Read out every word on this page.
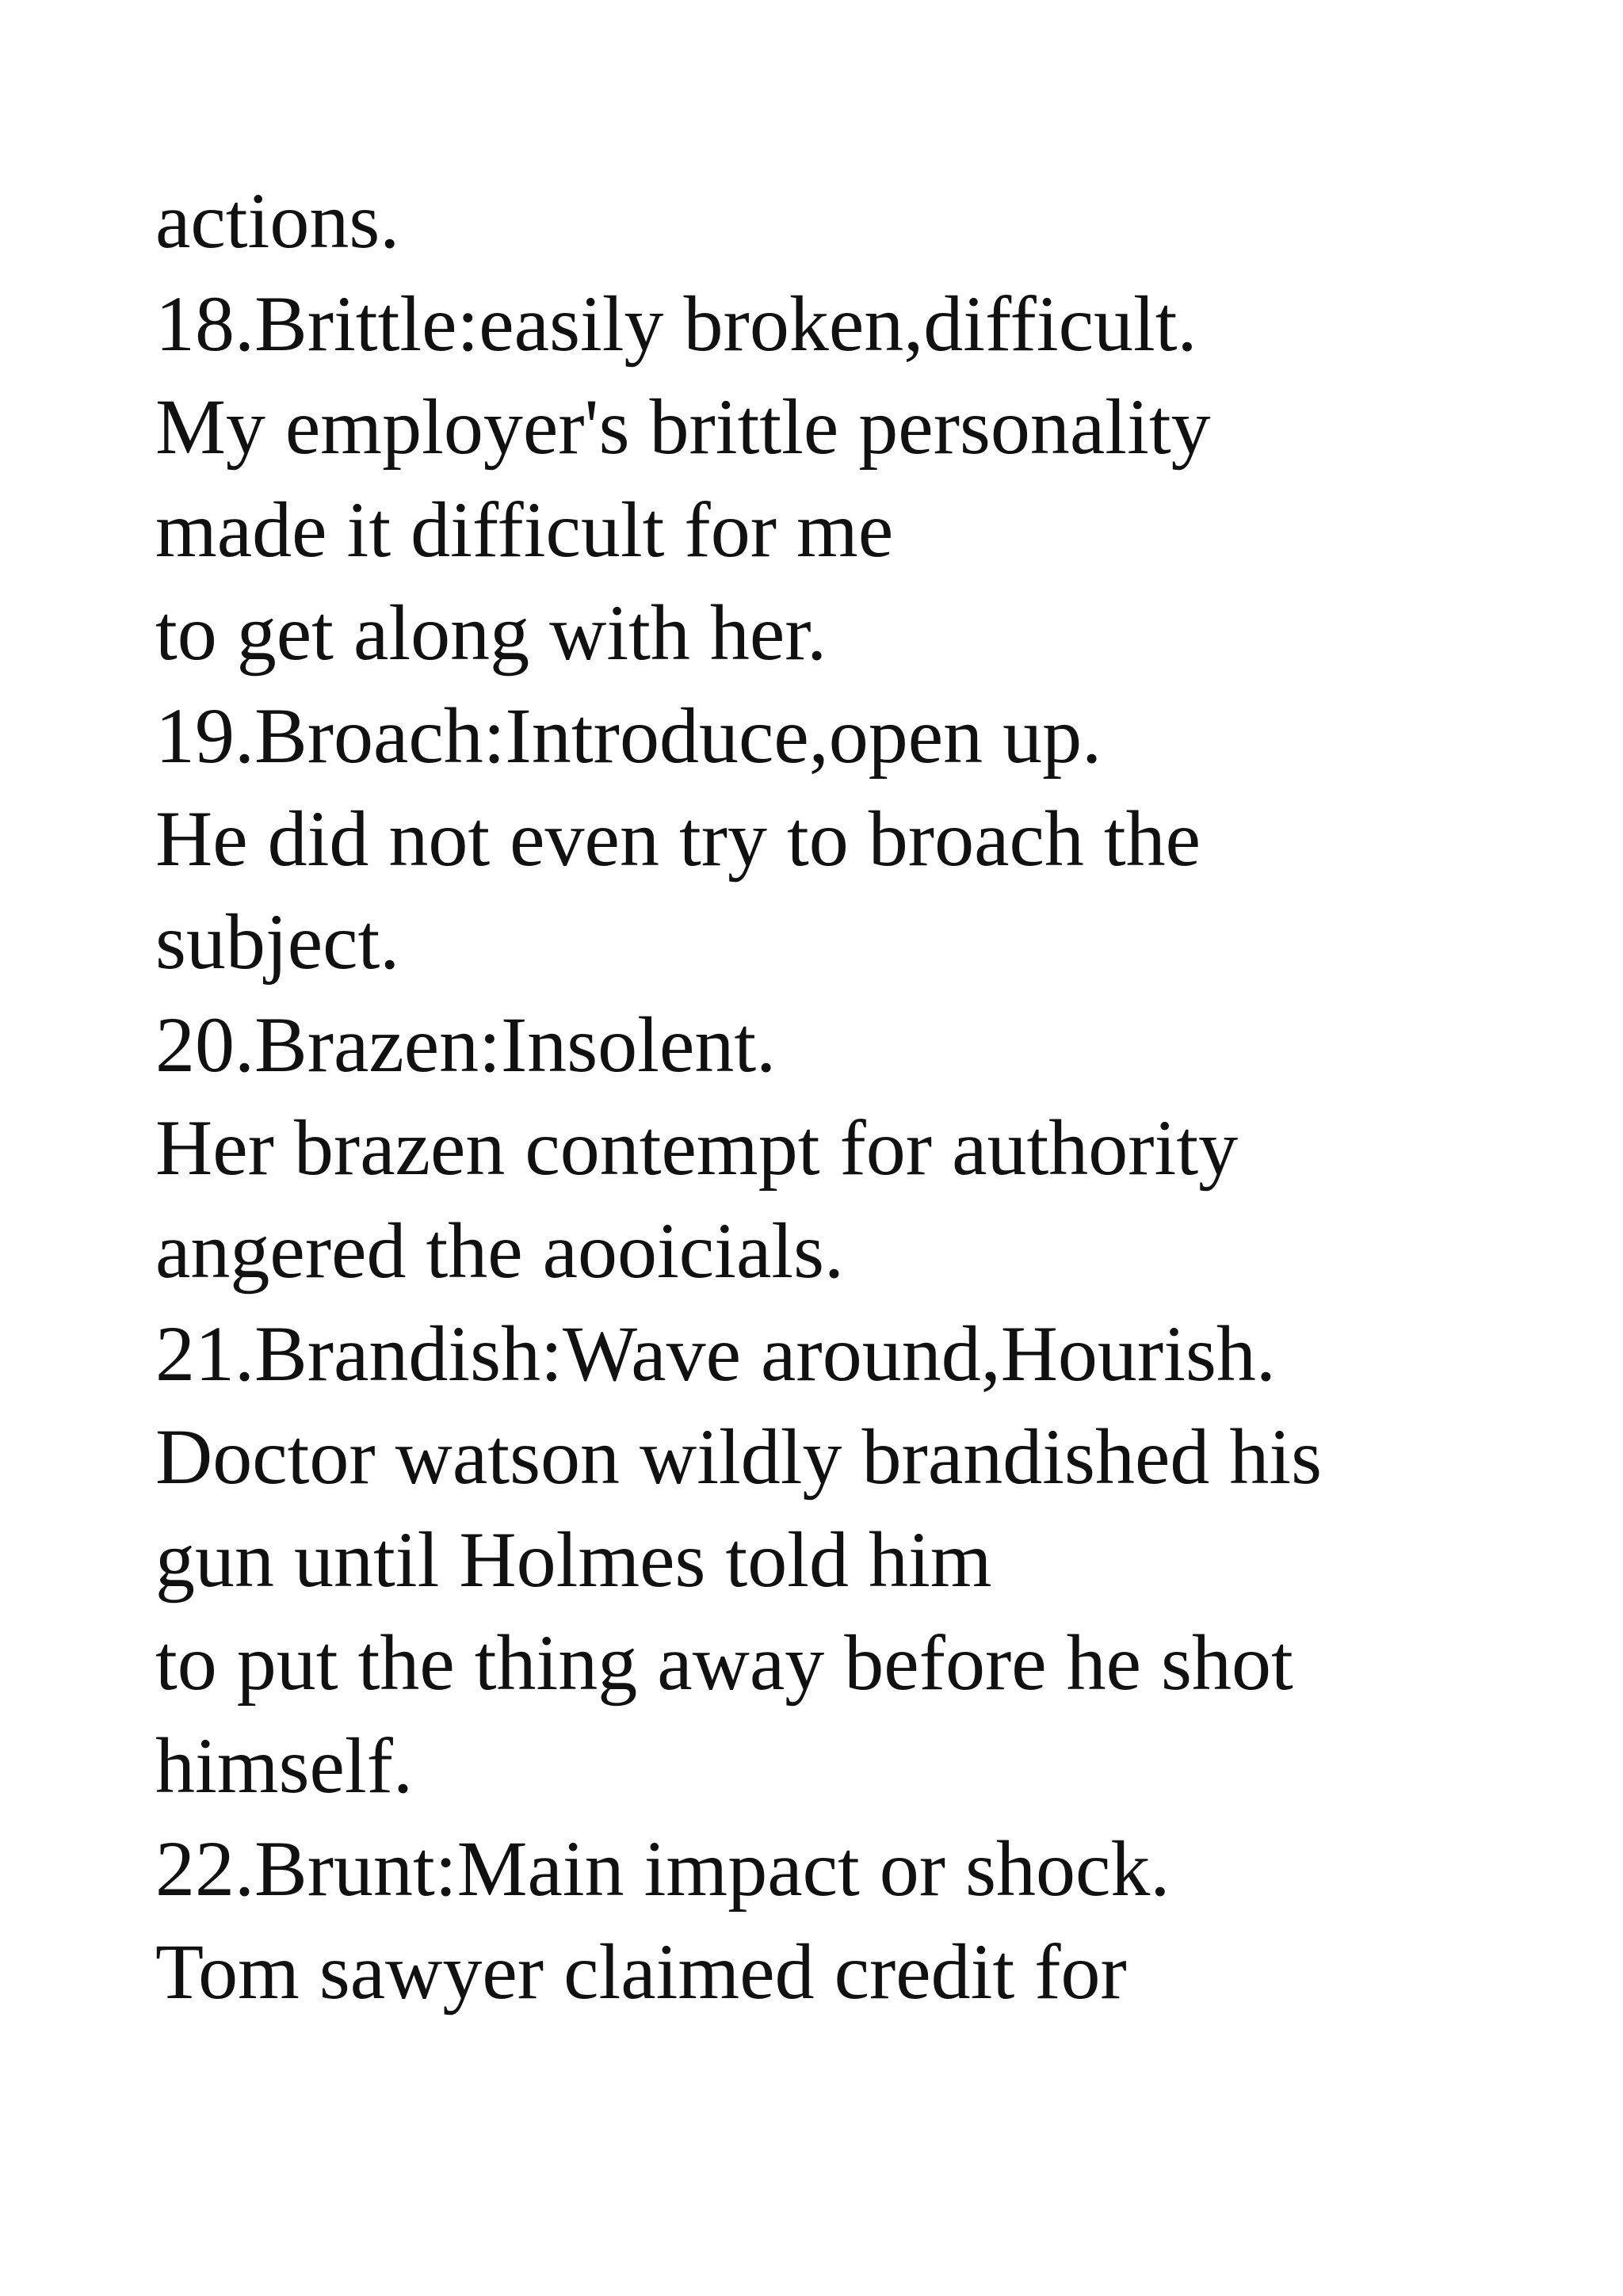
actions.
18.Brittle:easily broken,difficult.
My employer's brittle personality
made it difficult for me
to get along with her.
19.Broach:Introduce,open up.
He did not even try to broach the
subject.
20.Brazen:Insolent.
Her brazen contempt for authority
angered the aooicials.
21.Brandish:Wave around,Hourish.
Doctor watson wildly brandished his
gun until Holmes told him
to put the thing away before he shot
himself.
22.Brunt:Main impact or shock.
Tom sawyer claimed credit for
